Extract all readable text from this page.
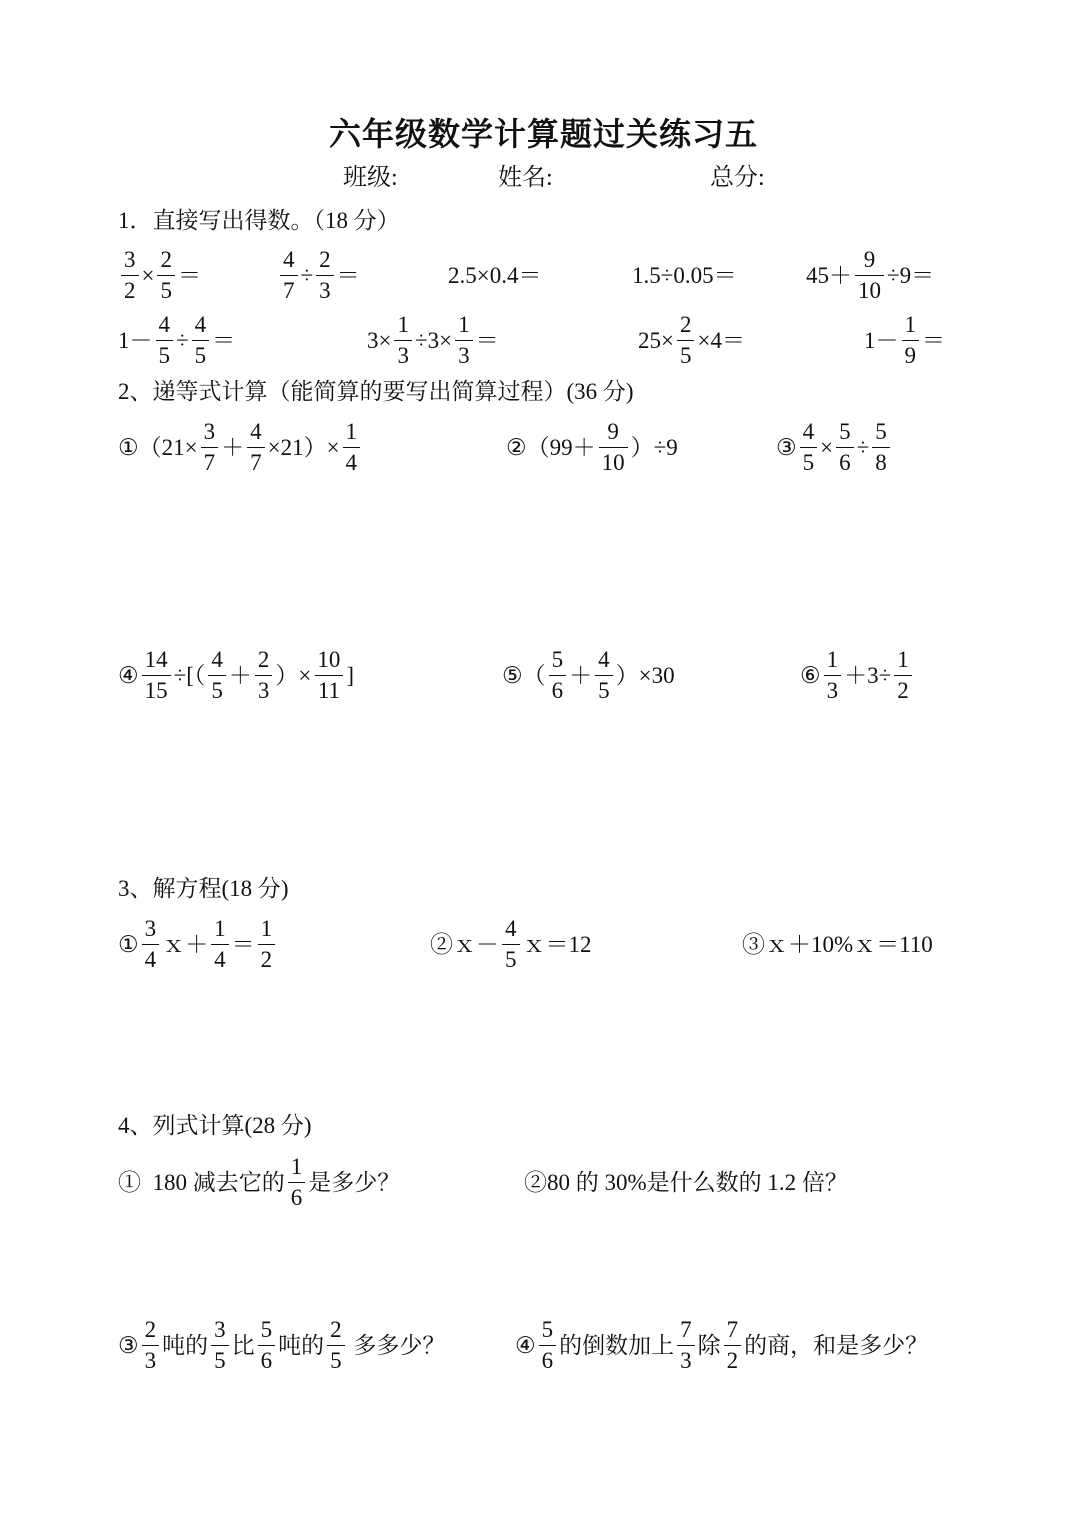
六年级数学计算题过关练习五
班级:	姓名:	总分:
1．直接写出得数。（18 分）
$\frac{3}{2} \times \frac{2}{5}$ ＝	$\frac{4}{7} \div \frac{2}{3}$ ＝	2.5×0.4＝	1.5÷0.05＝	$45+ \frac{9}{10} \div 9=$
$1- \frac{4}{5} \div \frac{4}{5}$ ＝	$3\times \frac{1}{3} \div 3\times \frac{1}{3}$ ＝	$25\times \frac{2}{5} \times 4=$	$1- \frac{1}{9}$ ＝
2、递等式计算（能简算的要写出简算过程）(36 分)
①（21× $\frac{3}{7} + \frac{4}{7} \times 21)\times \frac{1}{4}$	②（99＋ $\frac{9}{10} )\div 9$	③ $\frac{4}{5} \times \frac{5}{6} \div \frac{5}{8}$
④ $\frac{14}{15}$ ÷[（ $\frac{4}{5} + \frac{2}{3}$ ）× $\frac{10}{11}$ ]	⑤（ $\frac{5}{6} + \frac{4}{5} )\times 30$	⑥ $\frac{1}{3} +3\div \frac{1}{2}$
3、解方程(18 分)
① $\frac{3}{4}$ ｘ＋ $\frac{1}{4} = \frac{1}{2}$	②ｘ－ $\frac{4}{5}$ ｘ＝12	③ｘ＋10%ｘ＝110
4、列式计算(28 分)
①  180 减去它的 $\frac{1}{6}$ 是多少？	②80 的 30%是什么数的 1.2 倍？
③ $\frac{2}{3}$ 吨的 $\frac{3}{5}$ 比 $\frac{5}{6}$ 吨的 $\frac{2}{5}$ 多多少？	④ $\frac{5}{6}$ 的倒数加上 $\frac{7}{3}$ 除 $\frac{7}{2}$ 的商，和是多少？
